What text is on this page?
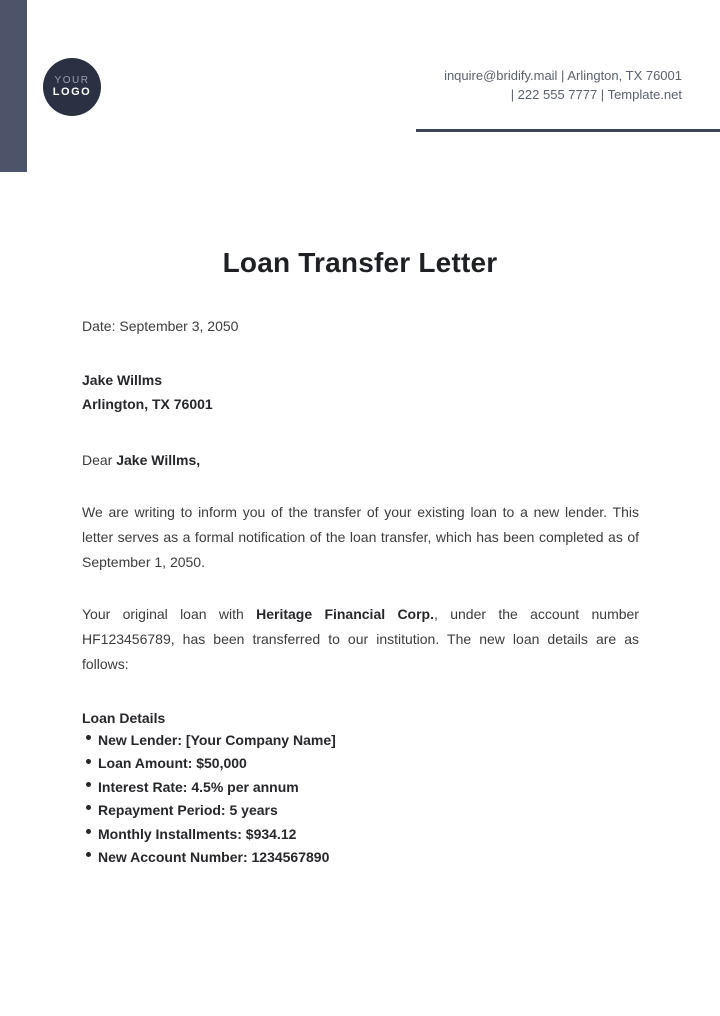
YOUR
LOGO
inquire@bridify.mail | Arlington, TX 76001
| 222 555 7777 | Template.net
Loan Transfer Letter
Date: September 3, 2050
Jake Willms
Arlington, TX 76001
Dear Jake Willms,
We are writing to inform you of the transfer of your existing loan to a new lender. This letter serves as a formal notification of the loan transfer, which has been completed as of September 1, 2050.
Your original loan with Heritage Financial Corp., under the account number HF123456789, has been transferred to our institution. The new loan details are as follows:
Loan Details
New Lender: [Your Company Name]
Loan Amount: $50,000
Interest Rate: 4.5% per annum
Repayment Period: 5 years
Monthly Installments: $934.12
New Account Number: 1234567890
